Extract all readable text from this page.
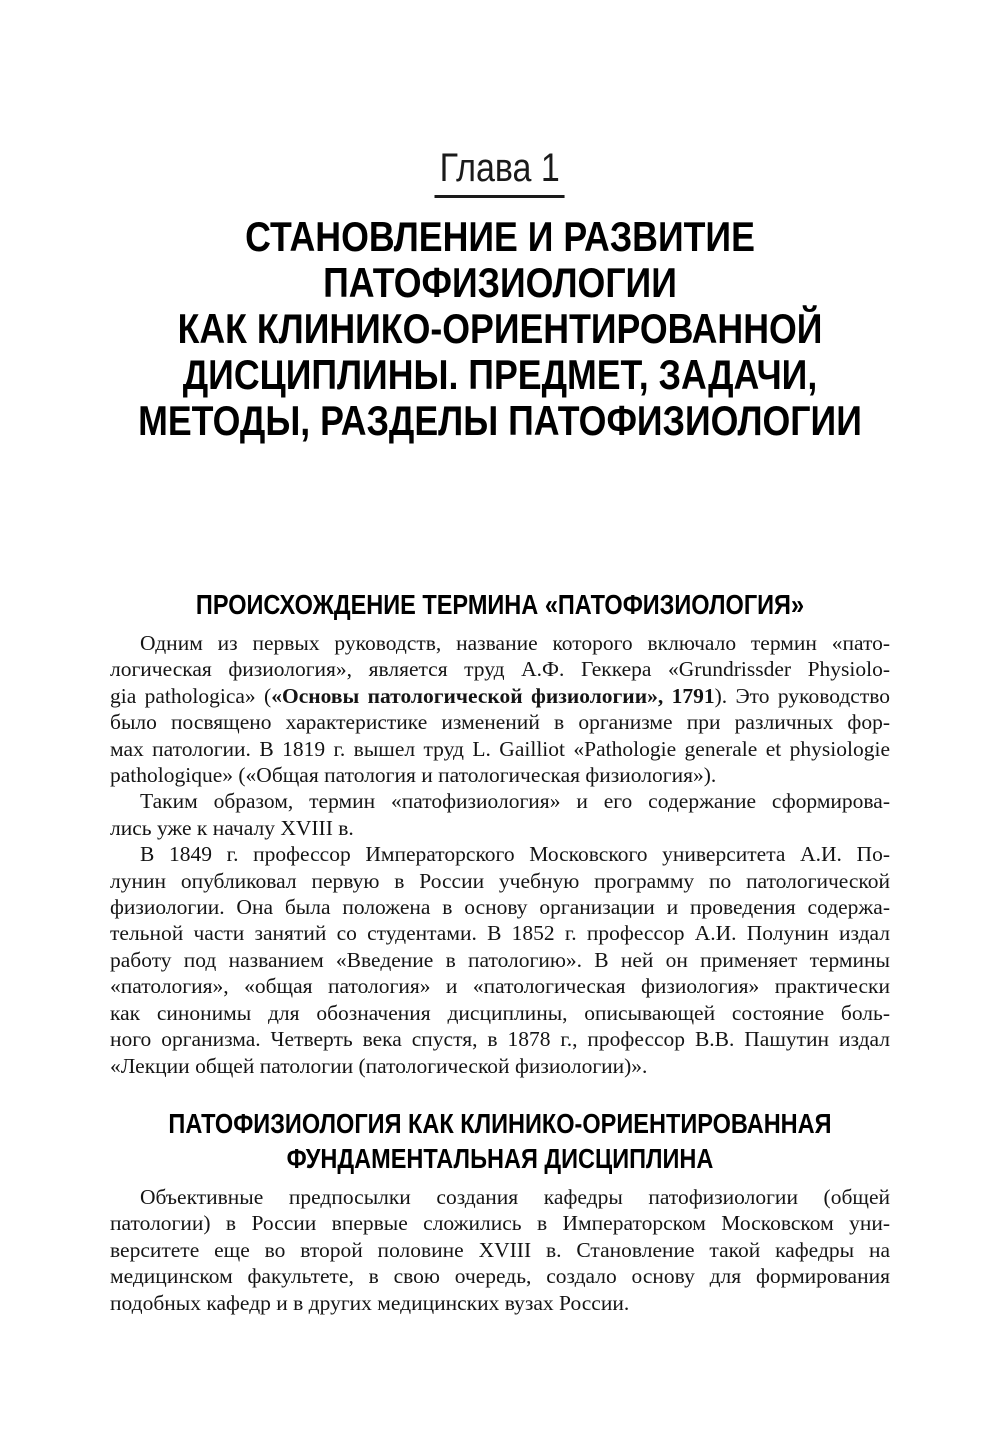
Глава 1
СТАНОВЛЕНИЕ И РАЗВИТИЕ
ПАТОФИЗИОЛОГИИ
КАК КЛИНИКО-ОРИЕНТИРОВАННОЙ
ДИСЦИПЛИНЫ. ПРЕДМЕТ, ЗАДАЧИ,
МЕТОДЫ, РАЗДЕЛЫ ПАТОФИЗИОЛОГИИ
ПРОИСХОЖДЕНИЕ ТЕРМИНА «ПАТОФИЗИОЛОГИЯ»
Одним из первых руководств, название которого включало термин «пато-
логическая физиология», является труд А.Ф. Геккера «Grundrissder Physiolo-
gia pathologica» («Основы патологической физиологии», 1791). Это руководство
было посвящено характеристике изменений в организме при различных фор-
мах патологии. В 1819 г. вышел труд L. Gailliot «Pathologie generale et physiologie
pathologique» («Общая патология и патологическая физиология»).
Таким образом, термин «патофизиология» и его содержание сформирова-
лись уже к началу XVIII в.
В 1849 г. профессор Императорского Московского университета А.И. По-
лунин опубликовал первую в России учебную программу по патологической
физиологии. Она была положена в основу организации и проведения содержа-
тельной части занятий со студентами. В 1852 г. профессор А.И. Полунин издал
работу под названием «Введение в патологию». В ней он применяет термины
«патология», «общая патология» и «патологическая физиология» практически
как синонимы для обозначения дисциплины, описывающей состояние боль-
ного организма. Четверть века спустя, в 1878 г., профессор В.В. Пашутин издал
«Лекции общей патологии (патологической физиологии)».
ПАТОФИЗИОЛОГИЯ КАК КЛИНИКО-ОРИЕНТИРОВАННАЯ
ФУНДАМЕНТАЛЬНАЯ ДИСЦИПЛИНА
Объективные предпосылки создания кафедры патофизиологии (общей
патологии) в России впервые сложились в Императорском Московском уни-
верситете еще во второй половине XVIII в. Становление такой кафедры на
медицинском факультете, в свою очередь, создало основу для формирования
подобных кафедр и в других медицинских вузах России.
